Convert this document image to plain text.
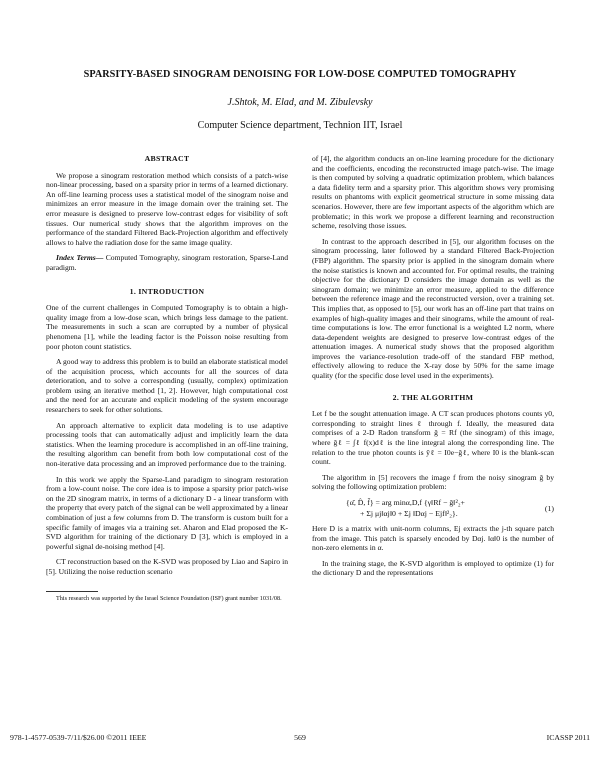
SPARSITY-BASED SINOGRAM DENOISING FOR LOW-DOSE COMPUTED TOMOGRAPHY
J.Shtok, M. Elad, and M. Zibulevsky
Computer Science department, Technion IIT, Israel
ABSTRACT

We propose a sinogram restoration method which consists of a patch-wise non-linear processing, based on a sparsity prior in terms of a learned dictionary. An off-line learning process uses a statistical model of the sinogram noise and minimizes an error measure in the image domain over the training set. The error measure is designed to preserve low-contrast edges for visibility of soft tissues. Our numerical study shows that the algorithm improves on the performance of the standard Filtered Back-Projection algorithm and effectively allows to halve the radiation dose for the same image quality.

Index Terms— Computed Tomography, sinogram restoration, Sparse-Land paradigm.

1. INTRODUCTION

One of the current challenges in Computed Tomography is to obtain a high-quality image from a low-dose scan, which brings less damage to the patient. The measurements in such a scan are corrupted by a number of physical phenomena [1], while the leading factor is the Poisson noise resulting from poor photon count statistics.

A good way to address this problem is to build an elaborate statistical model of the acquisition process, which accounts for all the sources of data deterioration, and to solve a corresponding (usually, complex) optimization problem using an iterative method [1, 2]. However, high computational cost and the need for an accurate and explicit modeling of the system encourage researchers to seek for other solutions.

An approach alternative to explicit data modeling is to use adaptive processing tools that can automatically adjust and implicitly learn the data statistics. When the learning procedure is accomplished in an off-line training, the resulting algorithm can benefit from both low computational cost of the non-iterative data processing and an improved performance due to the training.

In this work we apply the Sparse-Land paradigm to sinogram restoration from a low-count noise. The core idea is to impose a sparsity prior patch-wise on the 2D sinogram matrix, in terms of a dictionary D - a linear transform with the property that every patch of the signal can be well approximated by a linear combination of just a few columns from D. The transform is custom built for a specific family of images via a training set. Aharon and Elad proposed the K-SVD algorithm for training of the dictionary D [3], which is employed in a powerful signal de-noising method [4].

CT reconstruction based on the K-SVD was proposed by Liao and Sapiro in [5]. Utilizing the noise reduction scenario

This research was supported by the Israel Science Foundation (ISF) grant number 1031/08.

of [4], the algorithm conducts an on-line learning procedure for the dictionary and the coefficients, encoding the reconstructed image patch-wise. The image is then computed by solving a quadratic optimization problem, which balances a data fidelity term and a sparsity prior. This algorithm shows very promising results on phantoms with explicit geometrical structure in some missing data scenarios. However, there are few important aspects of the algorithm which are problematic; in this work we propose a different learning and reconstruction scheme, resolving those issues.

In contrast to the approach described in [5], our algorithm focuses on the sinogram processing, later followed by a standard Filtered Back-Projection (FBP) algorithm. The sparsity prior is applied in the sinogram domain where the noise statistics is known and accounted for. For optimal results, the training objective for the dictionary D considers the image domain as well as the sinogram domain; we minimize an error measure, applied to the difference between the reference image and the reconstructed version, over a training set. This implies that, as opposed to [5], our work has an off-line part that trains on examples of high-quality images and their sinograms, while the amount of real-time computations is low. The error functional is a weighted L2 norm, where data-dependent weights are designed to preserve low-contrast edges of the attenuation images. A numerical study shows that the proposed algorithm improves the variance-resolution trade-off of the standard FBP method, effectively allowing to reduce the X-ray dose by 50% for the same image quality (for the specific dose level used in the experiments).

2. THE ALGORITHM

Let f be the sought attenuation image. A CT scan produces photons counts y0, corresponding to straight lines ℓ through f. Ideally, the measured data comprises of a 2-D Radon transform ĝ = Rf (the sinogram) of this image, where ĝℓ = ∫ℓ f(x)dℓ is the line integral along the corresponding line. The relation to the true photon counts is ŷℓ = I0e−ĝℓ, where I0 is the blank-scan count.

The algorithm in [5] recovers the image f from the noisy sinogram ĝ by solving the following optimization problem:

{α̂, D̂, f̂} = arg minα,D,f {γ‖Rf − ĝ‖²₂+
+ Σj μj‖αj‖0 + Σj ‖Dαj − Ejf‖²₂}.
(1)

Here D is a matrix with unit-norm columns, Ej extracts the j-th square patch from the image. This patch is sparsely encoded by Dαj. ‖α‖0 is the number of non-zero elements in α.

In the training stage, the K-SVD algorithm is employed to optimize (1) for the dictionary D and the representations

978-1-4577-0539-7/11/$26.00 ©2011 IEEE	569	ICASSP 2011
